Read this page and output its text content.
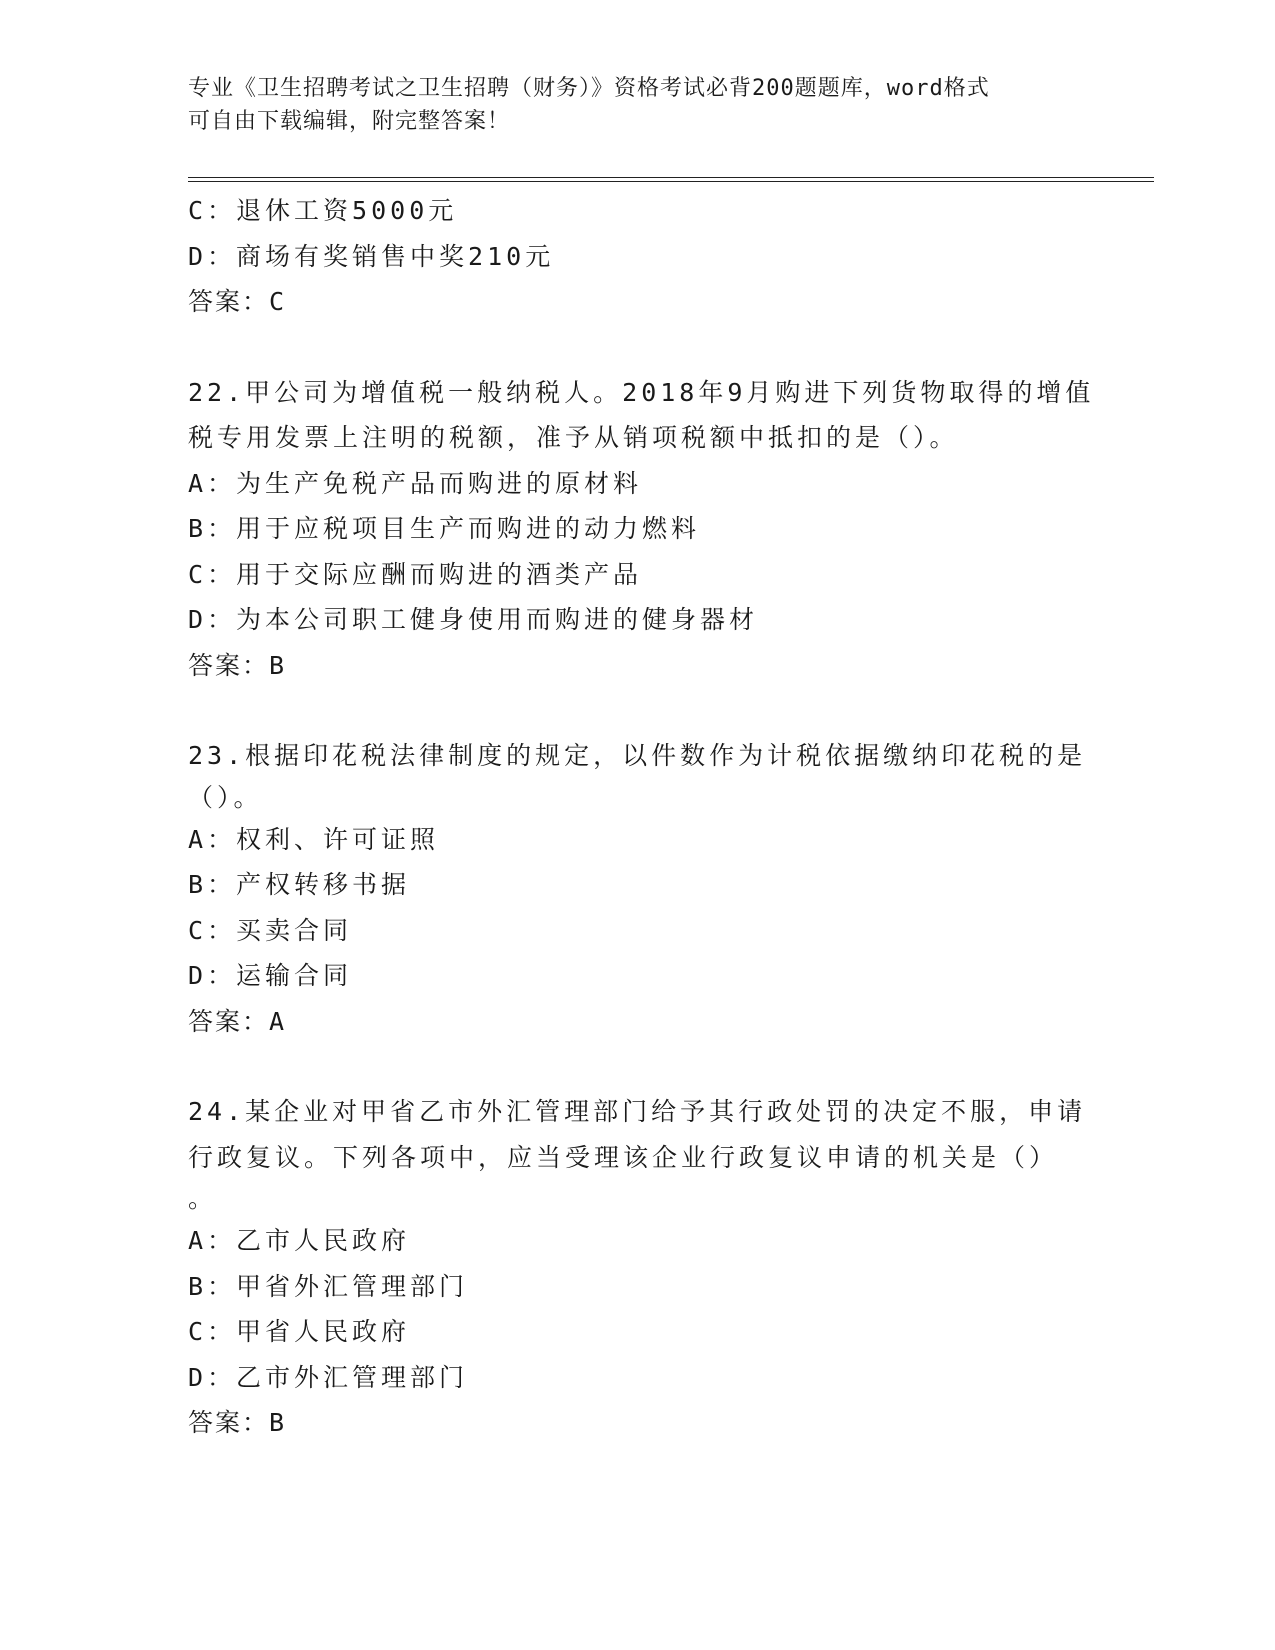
专业《卫生招聘考试之卫生招聘（财务）》资格考试必背200题题库，word格式
可自由下载编辑，附完整答案！
C：退休工资5000元
D：商场有奖销售中奖210元
答案：C
22.甲公司为增值税一般纳税人。2018年9月购进下列货物取得的增值
税专用发票上注明的税额，准予从销项税额中抵扣的是（）。
A：为生产免税产品而购进的原材料
B：用于应税项目生产而购进的动力燃料
C：用于交际应酬而购进的酒类产品
D：为本公司职工健身使用而购进的健身器材
答案：B
23.根据印花税法律制度的规定，以件数作为计税依据缴纳印花税的是
（）。
A：权利、许可证照
B：产权转移书据
C：买卖合同
D：运输合同
答案：A
24.某企业对甲省乙市外汇管理部门给予其行政处罚的决定不服，申请
行政复议。下列各项中，应当受理该企业行政复议申请的机关是（）
。
A：乙市人民政府
B：甲省外汇管理部门
C：甲省人民政府
D：乙市外汇管理部门
答案：B
